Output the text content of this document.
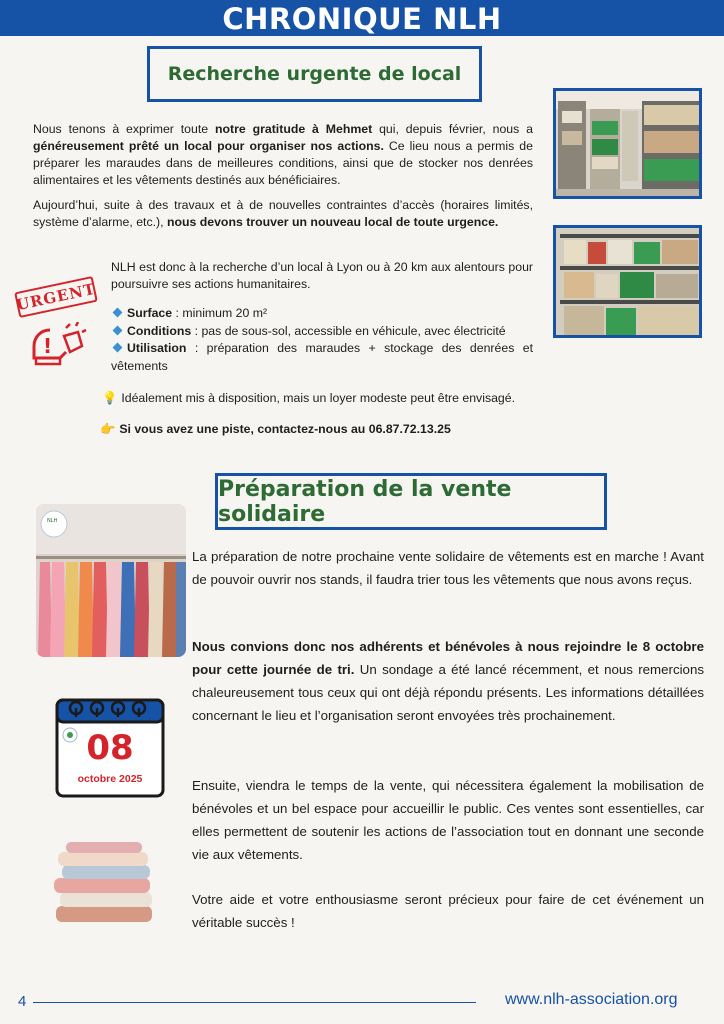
CHRONIQUE NLH
Recherche urgente de local
Nous tenons à exprimer toute notre gratitude à Mehmet qui, depuis février, nous a généreusement prêté un local pour organiser nos actions. Ce lieu nous a permis de préparer les maraudes dans de meilleures conditions, ainsi que de stocker nos denrées alimentaires et les vêtements destinés aux bénéficiaires.
Aujourd’hui, suite à des travaux et à de nouvelles contraintes d’accès (horaires limités, système d’alarme, etc.), nous devons trouver un nouveau local de toute urgence.
NLH est donc à la recherche d’un local à Lyon ou à 20 km aux alentours pour poursuivre ses actions humanitaires.
Surface : minimum 20 m²
Conditions : pas de sous-sol, accessible en véhicule, avec électricité
Utilisation : préparation des maraudes + stockage des denrées et vêtements
💡 Idéalement mis à disposition, mais un loyer modeste peut être envisagé.
👉 Si vous avez une piste, contactez-nous au 06.87.72.13.25
URGENT
!
Préparation de la vente solidaire
NLH
La préparation de notre prochaine vente solidaire de vêtements est en marche ! Avant de pouvoir ouvrir nos stands, il faudra trier tous les vêtements que nous avons reçus.
Nous convions donc nos adhérents et bénévoles à nous rejoindre le 8 octobre pour cette journée de tri. Un sondage a été lancé récemment, et nous remercions chaleureusement tous ceux qui ont déjà répondu présents. Les informations détaillées concernant le lieu et l’organisation seront envoyées très prochainement.
Ensuite, viendra le temps de la vente, qui nécessitera également la mobilisation de bénévoles et un bel espace pour accueillir le public. Ces ventes sont essentielles, car elles permettent de soutenir les actions de l’association tout en donnant une seconde vie aux vêtements.
Votre aide et votre enthousiasme seront précieux pour faire de cet événement un véritable succès !
08
octobre 2025
4	www.nlh-association.org
